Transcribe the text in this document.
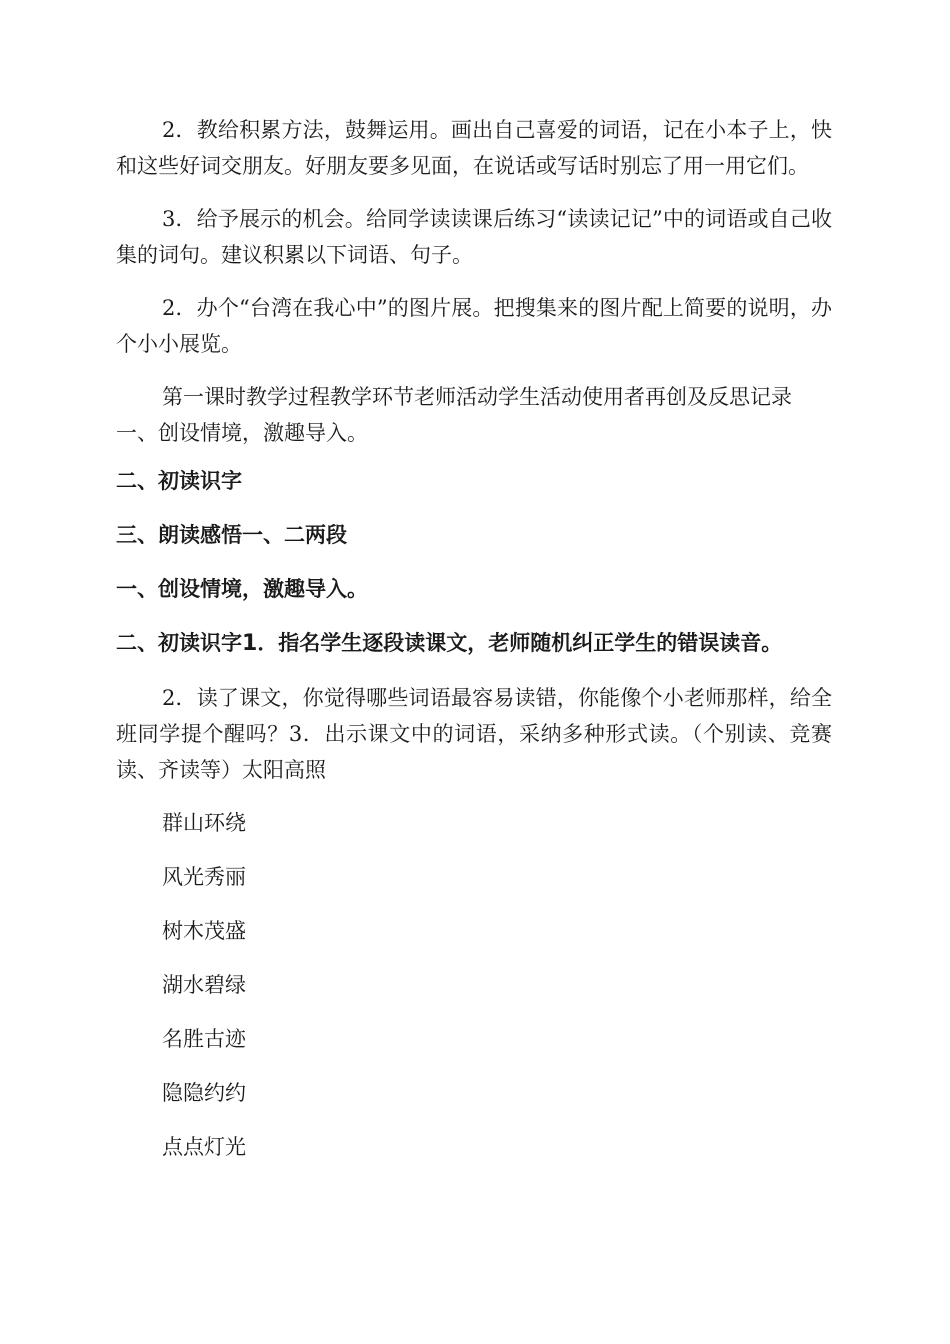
2．教给积累方法，鼓舞运用。画出自己喜爱的词语，记在小本子上，快和这些好词交朋友。好朋友要多见面，在说话或写话时别忘了用一用它们。

3．给予展示的机会。给同学读读课后练习“读读记记”中的词语或自己收集的词句。建议积累以下词语、句子。

2．办个“台湾在我心中”的图片展。把搜集来的图片配上简要的说明，办个小小展览。

第一课时教学过程教学环节老师活动学生活动使用者再创及反思记录
一、创设情境，激趣导入。
二、初读识字
三、朗读感悟一、二两段
一、创设情境，激趣导入。
二、初读识字1．指名学生逐段读课文，老师随机纠正学生的错误读音。

2．读了课文，你觉得哪些词语最容易读错，你能像个小老师那样，给全班同学提个醒吗？3．出示课文中的词语，采纳多种形式读。（个别读、竞赛读、齐读等）太阳高照

群山环绕
风光秀丽
树木茂盛
湖水碧绿
名胜古迹
隐隐约约
点点灯光
